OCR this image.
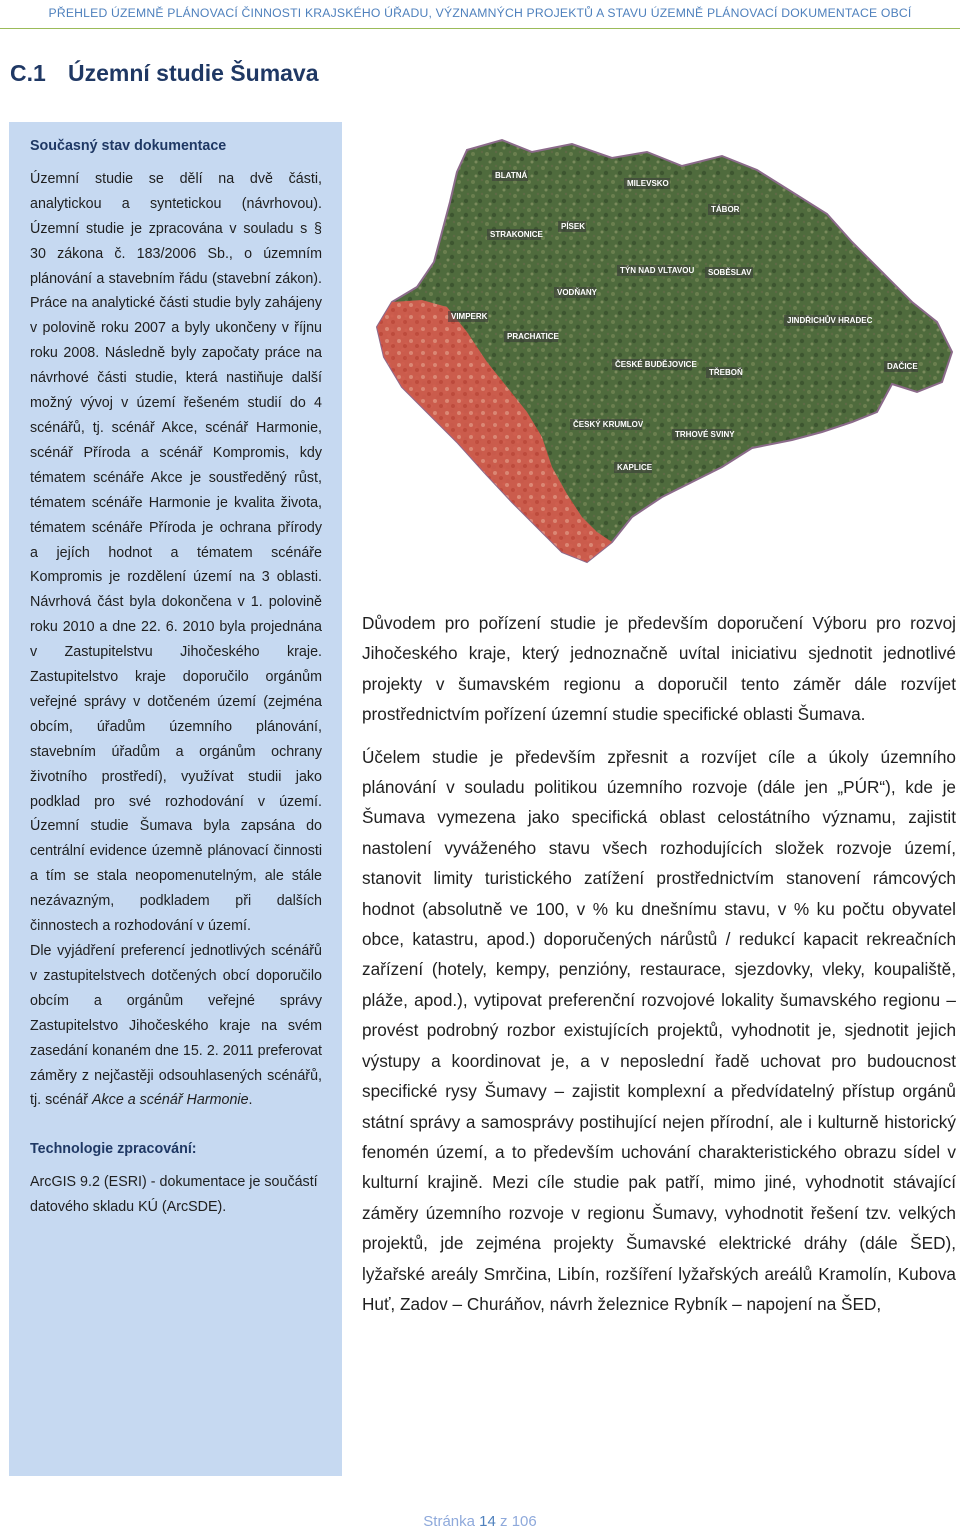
PŘEHLED ÚZEMNĚ PLÁNOVACÍ ČINNOSTI KRAJSKÉHO ÚŘADU, VÝZNAMNÝCH PROJEKTŮ A STAVU ÚZEMNĚ PLÁNOVACÍ DOKUMENTACE OBCÍ
C.1 Územní studie Šumava

Současný stav dokumentace

Územní studie se dělí na dvě části, analytickou a syntetickou (návrhovou). Územní studie je zpracována v souladu s § 30 zákona č. 183/2006 Sb., o územním plánování a stavebním řádu (stavební zákon). Práce na analytické části studie byly zahájeny v polovině roku 2007 a byly ukončeny v říjnu roku 2008. Následně byly započaty práce na návrhové části studie, která nastiňuje další možný vývoj v území řešeném studií do 4 scénářů, tj. scénář Akce, scénář Harmonie, scénář Příroda a scénář Kompromis, kdy tématem scénáře Akce je soustředěný růst, tématem scénáře Harmonie je kvalita života, tématem scénáře Příroda je ochrana přírody a jejích hodnot a tématem scénáře Kompromis je rozdělení území na 3 oblasti. Návrhová část byla dokončena v 1. polovině roku 2010 a dne 22. 6. 2010 byla projednána v Zastupitelstvu Jihočeského kraje. Zastupitelstvo kraje doporučilo orgánům veřejné správy v dotčeném území (zejména obcím, úřadům územního plánování, stavebním úřadům a orgánům ochrany životního prostředí), využívat studii jako podklad pro své rozhodování v území. Územní studie Šumava byla zapsána do centrální evidence územně plánovací činnosti a tím se stala neopomenutelným, ale stále nezávazným, podkladem při dalších činnostech a rozhodování v území.

Dle vyjádření preferencí jednotlivých scénářů v zastupitelstvech dotčených obcí doporučilo obcím a orgánům veřejné správy Zastupitelstvo Jihočeského kraje na svém zasedání konaném dne 15. 2. 2011 preferovat záměry z nejčastěji odsouhlasených scénářů, tj. scénář Akce a scénář Harmonie.

Technologie zpracování:

ArcGIS 9.2 (ESRI) - dokumentace je součástí datového skladu KÚ (ArcSDE).

BLATNÁ
MILEVSKO
TÁBOR
STRAKONICE
PÍSEK
TÝN NAD VLTAVOU SOBĚSLAV
VODŇANY
VIMPERK	JINDŘICHŮV HRADEC
PRACHATICE
ČESKÉ BUDĚJOVICE
TŘEBOŇ
DAČICE
ČESKÝ KRUMLOV
TRHOVÉ SVINY
KAPLICE

Důvodem pro pořízení studie je především doporučení Výboru pro rozvoj Jihočeského kraje, který jednoznačně uvítal iniciativu sjednotit jednotlivé projekty v šumavském regionu a doporučil tento záměr dále rozvíjet prostřednictvím pořízení územní studie specifické oblasti Šumava.

Účelem studie je především zpřesnit a rozvíjet cíle a úkoly územního plánování v souladu politikou územního rozvoje (dále jen „PÚR“), kde je Šumava vymezena jako specifická oblast celostátního významu, zajistit nastolení vyváženého stavu všech rozhodujících složek rozvoje území, stanovit limity turistického zatížení prostřednictvím stanovení rámcových hodnot (absolutně ve 100, v % ku dnešnímu stavu, v % ku počtu obyvatel obce, katastru, apod.) doporučených nárůstů / redukcí kapacit rekreačních zařízení (hotely, kempy, penziόny, restaurace, sjezdovky, vleky, koupaliště, pláže, apod.), vytipovat preferenční rozvojové lokality šumavského regionu – provést podrobný rozbor existujících projektů, vyhodnotit je, sjednotit jejich výstupy a koordinovat je, a v neposlední řadě uchovat pro budoucnost specifické rysy Šumavy – zajistit komplexní a předvídatelný přístup orgánů státní správy a samosprávy postihující nejen přírodní, ale i kulturně historický fenomén území, a to především uchování charakteristického obrazu sídel v kulturní krajině. Mezi cíle studie pak patří, mimo jiné, vyhodnotit stávající záměry územního rozvoje v regionu Šumavy, vyhodnotit řešení tzv. velkých projektů, jde zejména projekty Šumavské elektrické dráhy (dále ŠED), lyžařské areály Smrčina, Libín, rozšíření lyžařských areálů Kramolín, Kubova Huť, Zadov – Churáňov, návrh železnice Rybník – napojení na ŠED,

Stránka 14 z 106
